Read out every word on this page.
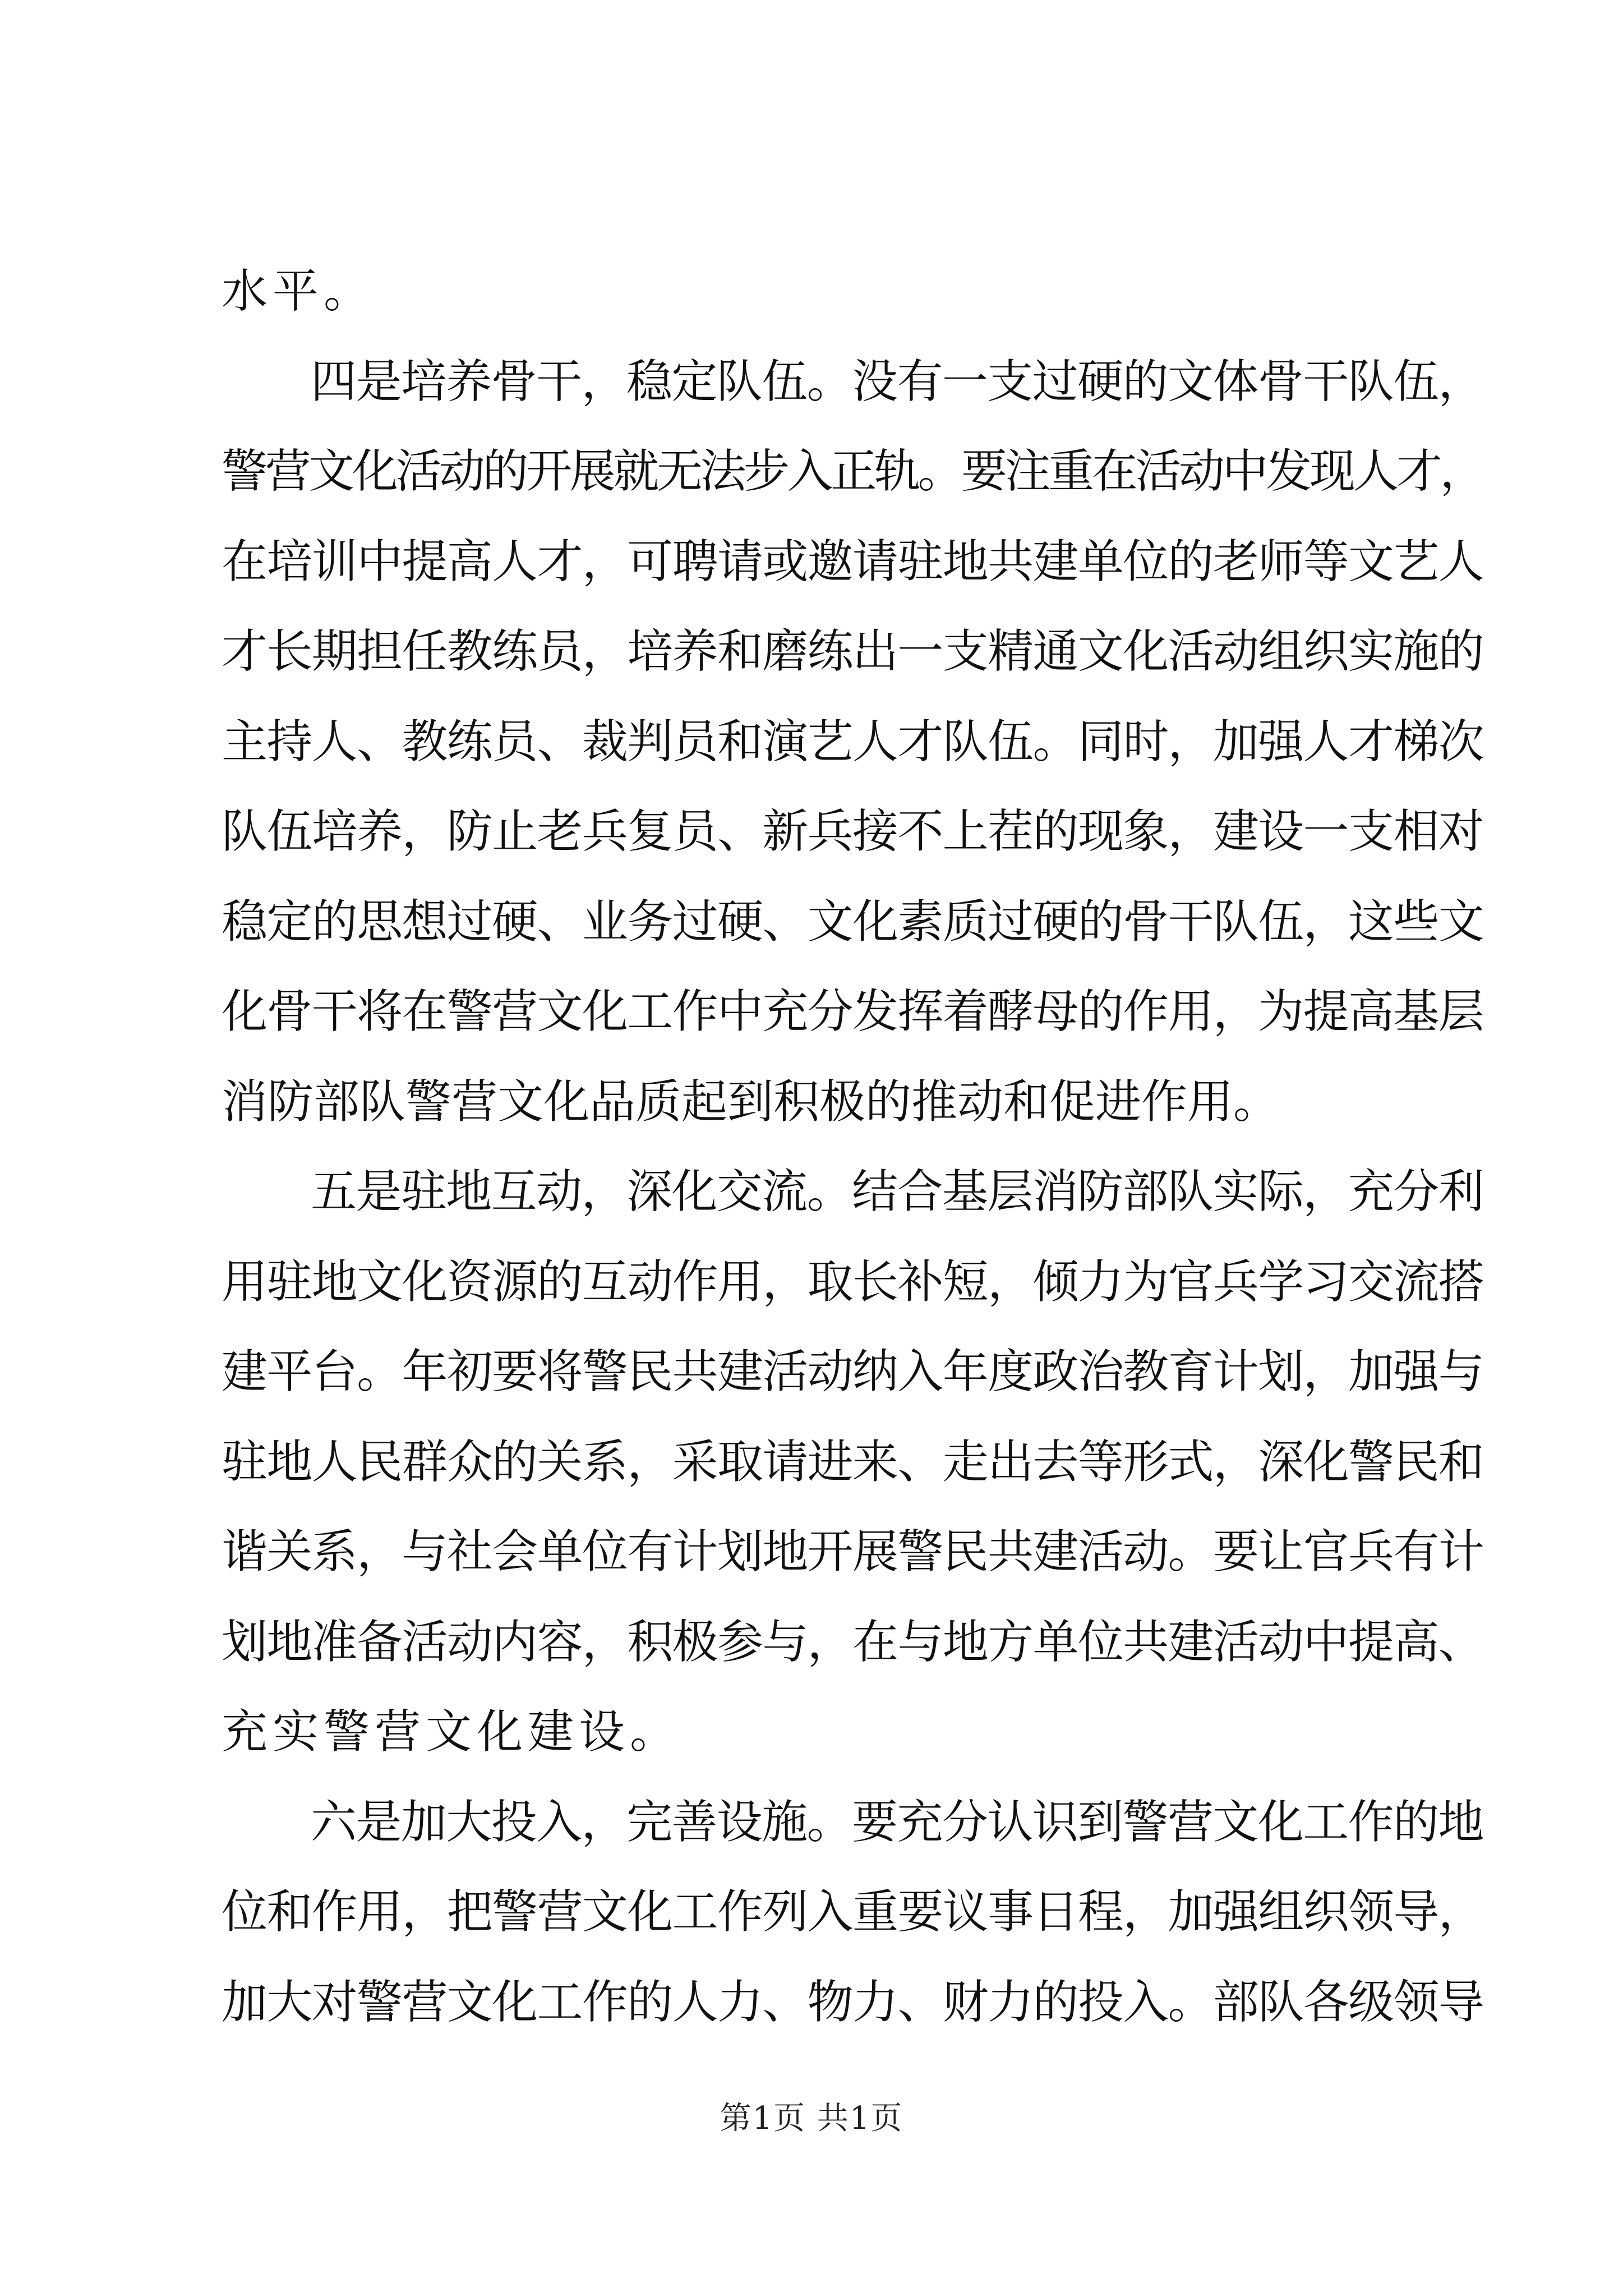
水平。
四是培养骨干，稳定队伍。没有一支过硬的文体骨干队伍，
警营文化活动的开展就无法步入正轨。要注重在活动中发现人才，
在培训中提高人才，可聘请或邀请驻地共建单位的老师等文艺人
才长期担任教练员，培养和磨练出一支精通文化活动组织实施的
主持人、教练员、裁判员和演艺人才队伍。同时，加强人才梯次
队伍培养，防止老兵复员、新兵接不上茬的现象，建设一支相对
稳定的思想过硬、业务过硬、文化素质过硬的骨干队伍，这些文
化骨干将在警营文化工作中充分发挥着酵母的作用，为提高基层
消防部队警营文化品质起到积极的推动和促进作用。
五是驻地互动，深化交流。结合基层消防部队实际，充分利
用驻地文化资源的互动作用，取长补短，倾力为官兵学习交流搭
建平台。年初要将警民共建活动纳入年度政治教育计划，加强与
驻地人民群众的关系，采取请进来、走出去等形式，深化警民和
谐关系，与社会单位有计划地开展警民共建活动。要让官兵有计
划地准备活动内容，积极参与，在与地方单位共建活动中提高、
充实警营文化建设。
六是加大投入，完善设施。要充分认识到警营文化工作的地
位和作用，把警营文化工作列入重要议事日程，加强组织领导，
加大对警营文化工作的人力、物力、财力的投入。部队各级领导
第1页 共1页
